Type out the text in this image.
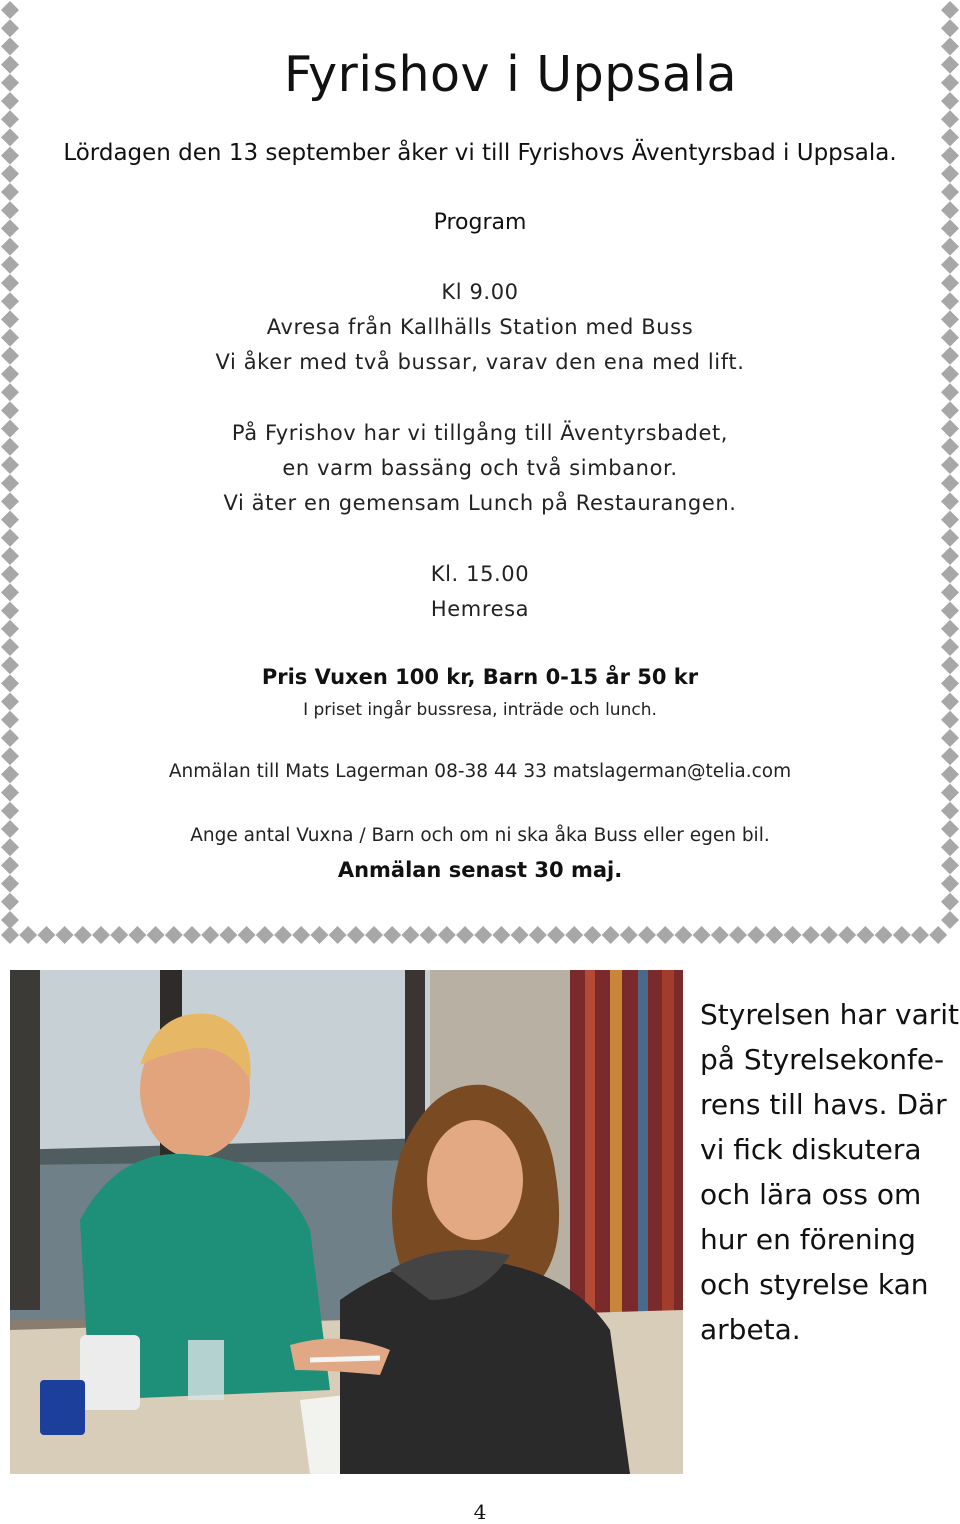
Fyrishov i Uppsala
Lördagen den 13 september åker vi till Fyrishovs Äventyrsbad i Uppsala.
Program
Kl 9.00
Avresa från Kallhälls Station med Buss
Vi åker med två bussar, varav den ena med lift.
På Fyrishov har vi tillgång till Äventyrsbadet,
en varm bassäng och två simbanor.
Vi äter en gemensam Lunch på Restaurangen.
Kl. 15.00
Hemresa
Pris Vuxen 100 kr, Barn 0-15 år 50 kr
I priset ingår bussresa, inträde och lunch.
Anmälan till Mats Lagerman 08-38 44 33 matslagerman@telia.com
Ange antal Vuxna / Barn och om ni ska åka Buss eller egen bil.
Anmälan senast 30 maj.
Styrelsen har varit
på Styrelsekonfe-
rens till havs. Där
vi fick diskutera
och lära oss om
hur en förening
och styrelse kan
arbeta.
4
